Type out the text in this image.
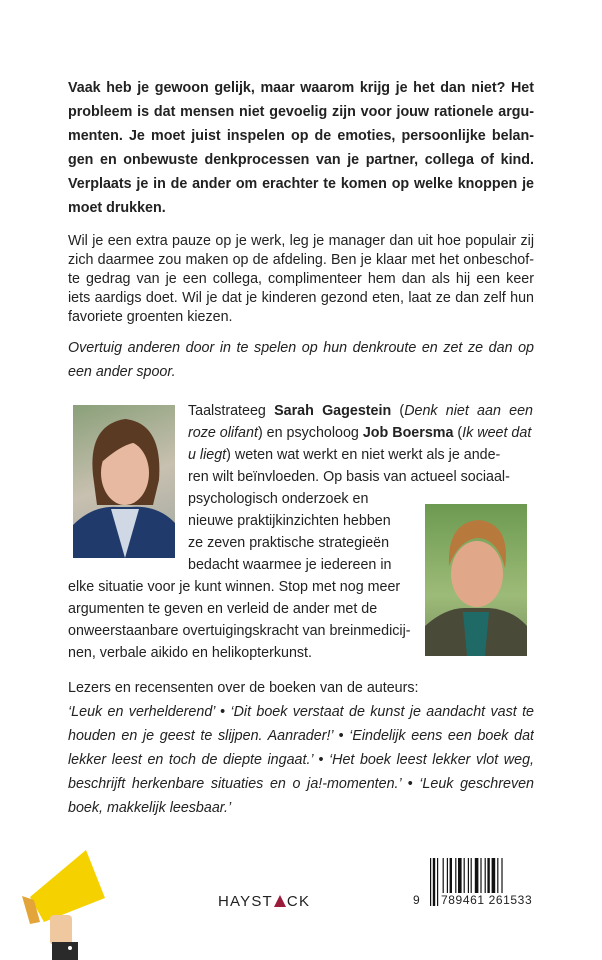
Vaak heb je gewoon gelijk, maar waarom krijg je het dan niet? Het
probleem is dat mensen niet gevoelig zijn voor jouw rationele argu-
menten. Je moet juist inspelen op de emoties, persoonlijke belan-
gen en onbewuste denkprocessen van je partner, collega of kind.
Verplaats je in de ander om erachter te komen op welke knoppen je
moet drukken.
Wil je een extra pauze op je werk, leg je manager dan uit hoe populair zij
zich daarmee zou maken op de afdeling. Ben je klaar met het onbeschof-
te gedrag van je een collega, complimenteer hem dan als hij een keer
iets aardigs doet. Wil je dat je kinderen gezond eten, laat ze dan zelf hun
favoriete groenten kiezen.
Overtuig anderen door in te spelen op hun denkroute en zet ze dan op
een ander spoor.
Taalstrateeg Sarah Gagestein (Denk niet aan een
roze olifant) en psycholoog Job Boersma (Ik weet dat
u liegt) weten wat werkt en niet werkt als je ande-
ren wilt beïnvloeden. Op basis van actueel sociaal-
psychologisch onderzoek en
nieuwe praktijkinzichten hebben
ze zeven praktische strategieën
bedacht waarmee je iedereen in
elke situatie voor je kunt winnen. Stop met nog meer
argumenten te geven en verleid de ander met de
onweerstaanbare overtuigingskracht van breinmedicij-
nen, verbale aikido en helikopterkunst.
Lezers en recensenten over de boeken van de auteurs:
‘Leuk en verhelderend’ • ‘Dit boek verstaat de kunst je aandacht vast te
houden en je geest te slijpen. Aanrader!’ • ‘Eindelijk eens een boek dat
lekker leest en toch de diepte ingaat.’ • ‘Het boek leest lekker vlot weg,
beschrijft herkenbare situaties en o ja!-momenten.’ • ‘Leuk geschreven
boek, makkelijk leesbaar.’
HAYST CK	9 789461 261533
